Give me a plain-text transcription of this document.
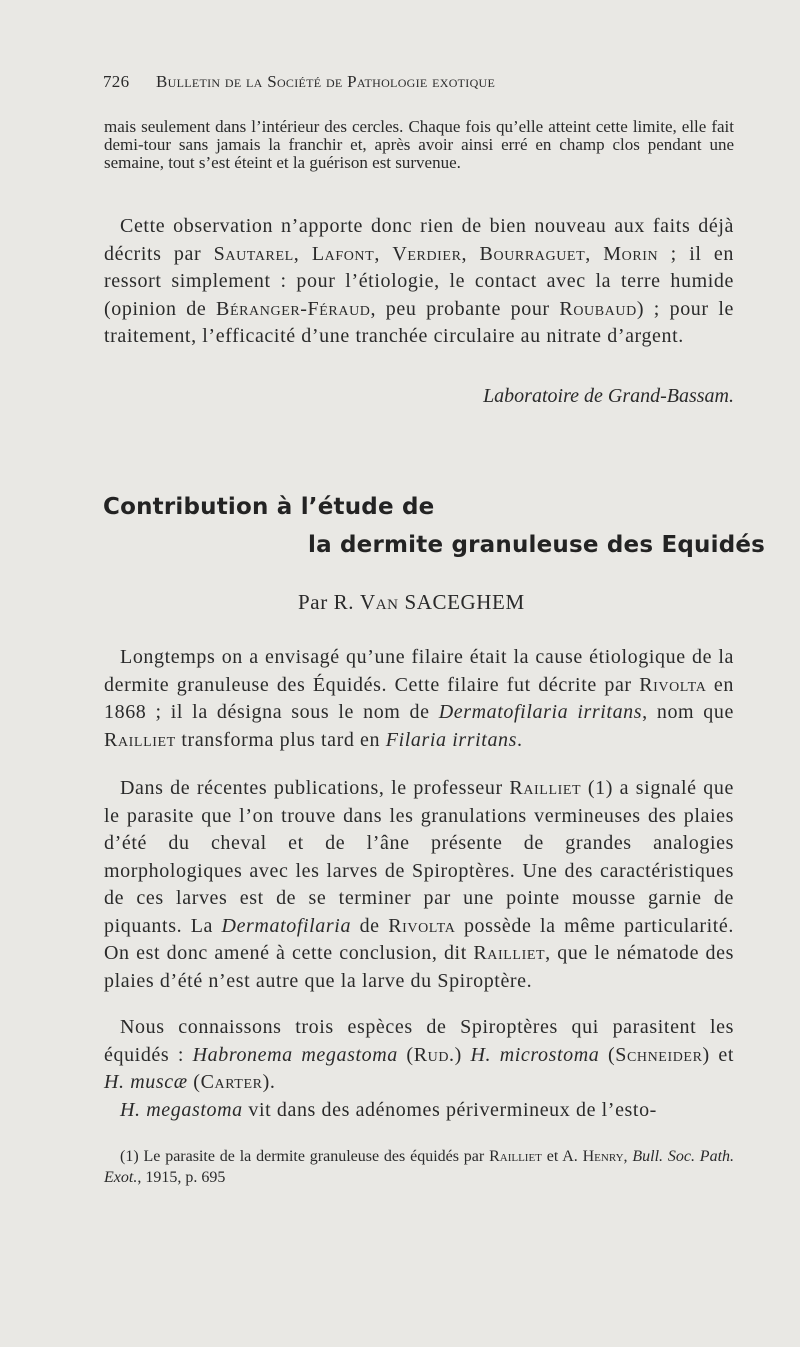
726 Bulletin de la Société de Pathologie exotique
mais seulement dans l’intérieur des cercles. Chaque fois qu’elle atteint cette limite, elle fait demi-tour sans jamais la franchir et, après avoir ainsi erré en champ clos pendant une semaine, tout s’est éteint et la guérison est survenue.
Cette observation n’apporte donc rien de bien nouveau aux faits déjà décrits par Sautarel, Lafont, Verdier, Bourraguet, Morin ; il en ressort simplement : pour l’étiologie, le contact avec la terre humide (opinion de Béranger-Féraud, peu probante pour Roubaud) ; pour le traitement, l’efficacité d’une tranchée circulaire au nitrate d’argent.
Laboratoire de Grand-Bassam.
Contribution à l’étude de
la dermite granuleuse des Equidés
Par R. Van SACEGHEM
Longtemps on a envisagé qu’une filaire était la cause étiologique de la dermite granuleuse des Équidés. Cette filaire fut décrite par Rivolta en 1868 ; il la désigna sous le nom de Dermatofilaria irritans, nom que Railliet transforma plus tard en Filaria irritans.
Dans de récentes publications, le professeur Railliet (1) a signalé que le parasite que l’on trouve dans les granulations vermineuses des plaies d’été du cheval et de l’âne présente de grandes analogies morphologiques avec les larves de Spiroptères. Une des caractéristiques de ces larves est de se terminer par une pointe mousse garnie de piquants. La Dermatofilaria de Rivolta possède la même particularité. On est donc amené à cette conclusion, dit Railliet, que le nématode des plaies d’été n’est autre que la larve du Spiroptère.
Nous connaissons trois espèces de Spiroptères qui parasitent les équidés : Habronema megastoma (Rud.) H. microstoma (Schneider) et H. muscæ (Carter).
H. megastoma vit dans des adénomes périvermineux de l’esto-
(1) Le parasite de la dermite granuleuse des équidés par Railliet et A. Henry, Bull. Soc. Path. Exot., 1915, p. 695
